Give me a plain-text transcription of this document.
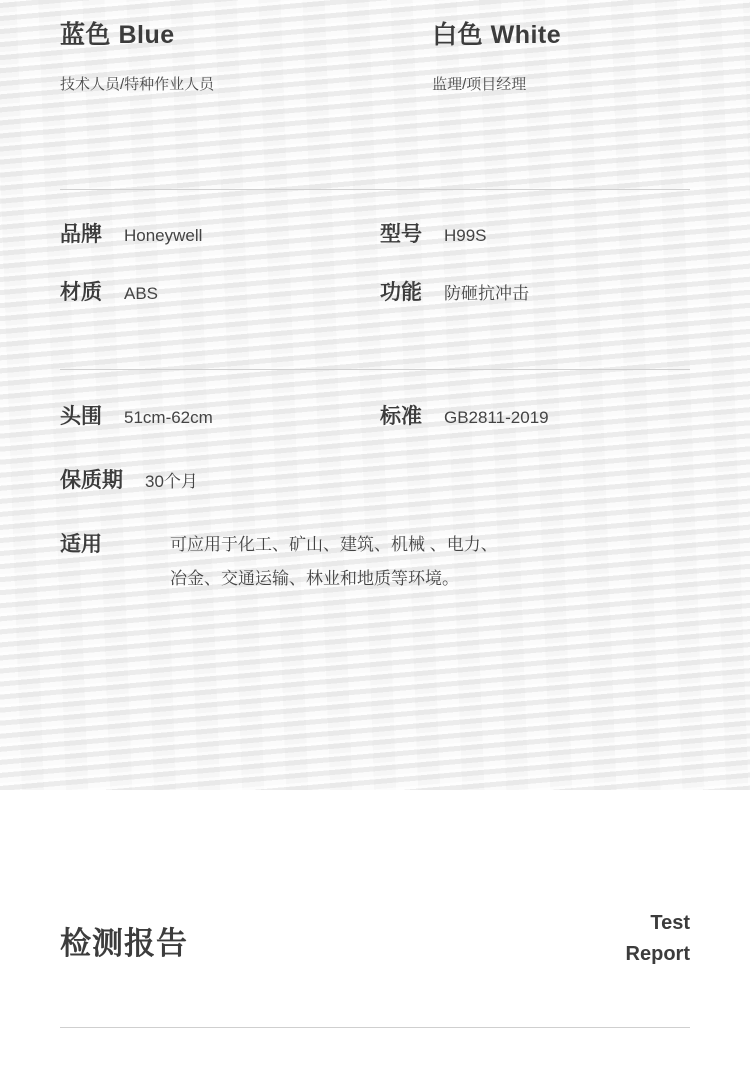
蓝色 Blue
技术人员/特种作业人员
白色 White
监理/项目经理
品牌 Honeywell	型号 H99S
材质 ABS	功能 防砸抗冲击
头围 51cm-62cm	标准 GB2811-2019
保质期 30个月
适用	可应用于化工、矿山、建筑、机械 、电力、
冶金、交通运输、林业和地质等环境。
检测报告
Test
Report
